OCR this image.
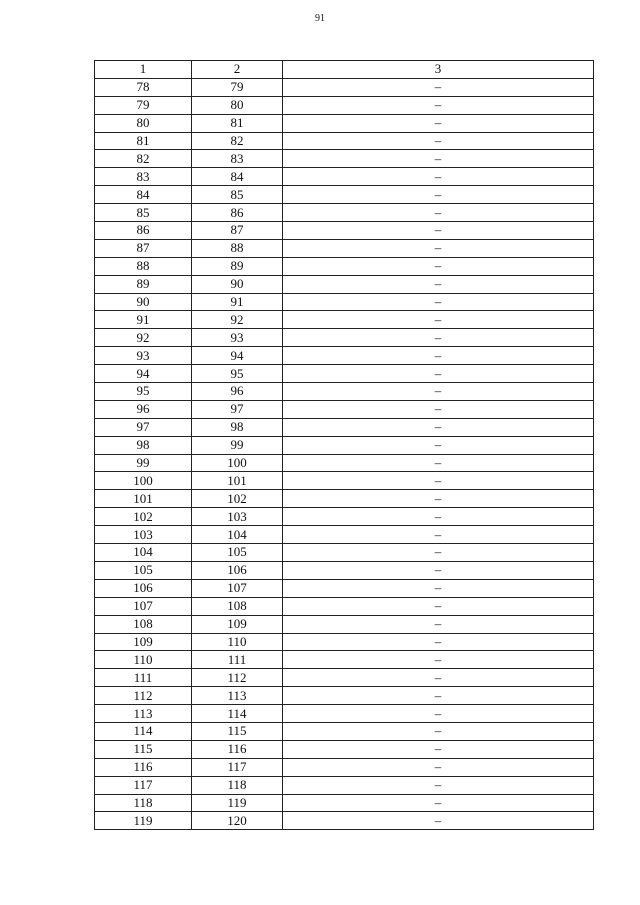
91
1	2	3
78	79	–
79	80	–
80	81	–
81	82	–
82	83	–
83	84	–
84	85	–
85	86	–
86	87	–
87	88	–
88	89	–
89	90	–
90	91	–
91	92	–
92	93	–
93	94	–
94	95	–
95	96	–
96	97	–
97	98	–
98	99	–
99	100	–
100	101	–
101	102	–
102	103	–
103	104	–
104	105	–
105	106	–
106	107	–
107	108	–
108	109	–
109	110	–
110	111	–
111	112	–
112	113	–
113	114	–
114	115	–
115	116	–
116	117	–
117	118	–
118	119	–
119	120	–
